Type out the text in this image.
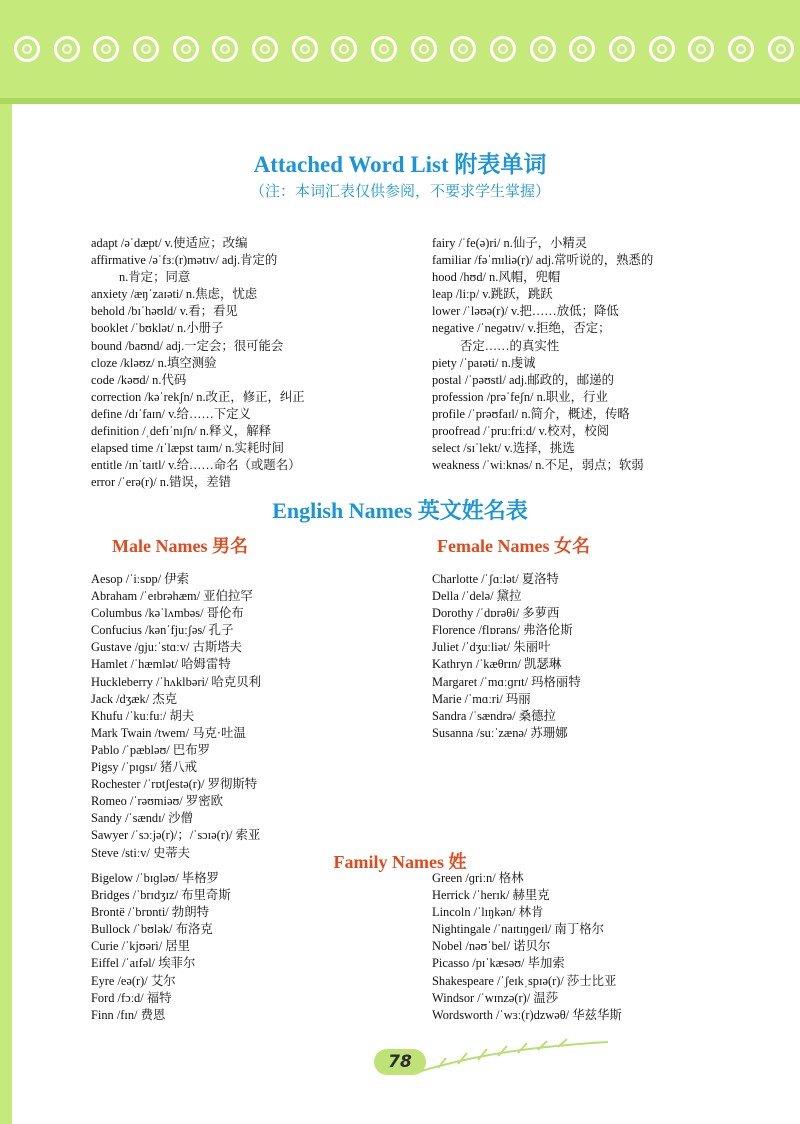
Attached Word List 附表单词
（注：本词汇表仅供参阅，不要求学生掌握）
adapt /əˈdæpt/ v.使适应；改编
affirmative /əˈfɜː(r)mətɪv/ adj.肯定的
n.肯定；同意
anxiety /æŋˈzaɪəti/ n.焦虑，忧虑
behold /bɪˈhəʊld/ v.看；看见
booklet /ˈbʊklət/ n.小册子
bound /baʊnd/ adj.一定会；很可能会
cloze /kləʊz/ n.填空测验
code /kəʊd/ n.代码
correction /kəˈrekʃn/ n.改正，修正，纠正
define /dɪˈfaɪn/ v.给……下定义
definition /ˌdefɪˈnɪʃn/ n.释义，解释
elapsed time /ɪˈlæpst taɪm/ n.实耗时间
entitle /ɪnˈtaɪtl/ v.给……命名（或题名）
error /ˈerə(r)/ n.错误，差错
fairy /ˈfe(ə)ri/ n.仙子，小精灵
familiar /fəˈmɪliə(r)/ adj.常听说的，熟悉的
hood /hʊd/ n.风帽，兜帽
leap /liːp/ v.跳跃，跳跃
lower /ˈləʊə(r)/ v.把……放低；降低
negative /ˈneɡətɪv/ v.拒绝，否定；
否定……的真实性
piety /ˈpaɪəti/ n.虔诚
postal /ˈpəʊstl/ adj.邮政的，邮递的
profession /prəˈfeʃn/ n.职业，行业
profile /ˈprəʊfaɪl/ n.简介，概述，传略
proofread /ˈpruːfriːd/ v.校对，校阅
select /sɪˈlekt/ v.选择，挑选
weakness /ˈwiːknəs/ n.不足，弱点；软弱
English Names 英文姓名表
Male Names 男名	Female Names 女名
Aesop /ˈiːsɒp/ 伊索
Abraham /ˈeɪbrəhæm/ 亚伯拉罕
Columbus /kəˈlʌmbəs/ 哥伦布
Confucius /kənˈfjuːʃəs/ 孔子
Gustave /ɡjuːˈstɑːv/ 古斯塔夫
Hamlet /ˈhæmlət/ 哈姆雷特
Huckleberry /ˈhʌklbəri/ 哈克贝利
Jack /dʒæk/ 杰克
Khufu /ˈkuːfuː/ 胡夫
Mark Twain /twem/ 马克·吐温
Pablo /ˈpæbləʊ/ 巴布罗
Pigsy /ˈpɪɡsɪ/ 猪八戒
Rochester /ˈrɒtʃestə(r)/ 罗彻斯特
Romeo /ˈrəʊmiəʊ/ 罗密欧
Sandy /ˈsændɪ/ 沙僧
Sawyer /ˈsɔːjə(r)/；/ˈsɔɪə(r)/ 索亚
Steve /stiːv/ 史蒂夫
Charlotte /ˈʃɑːlət/ 夏洛特
Della /ˈdelə/ 黛拉
Dorothy /ˈdɒrəθi/ 多萝西
Florence /flɒrəns/ 弗洛伦斯
Juliet /ˈdʒuːliət/ 朱丽叶
Kathryn /ˈkæθrɪn/ 凯瑟琳
Margaret /ˈmɑːɡrɪt/ 玛格丽特
Marie /ˈmɑːri/ 玛丽
Sandra /ˈsændrə/ 桑德拉
Susanna /suːˈzænə/ 苏珊娜
Family Names 姓
Bigelow /ˈbɪɡləʊ/ 毕格罗
Bridges /ˈbrɪdʒɪz/ 布里奇斯
Brontë /ˈbrɒnti/ 勃朗特
Bullock /ˈbʊlək/ 布洛克
Curie /ˈkjʊəri/ 居里
Eiffel /ˈaɪfəl/ 埃菲尔
Eyre /eə(r)/ 艾尔
Ford /fɔːd/ 福特
Finn /fɪn/ 费恩
Green /ɡriːn/ 格林
Herrick /ˈherɪk/ 赫里克
Lincoln /ˈlɪŋkən/ 林肯
Nightingale /ˈnaɪtɪŋɡeɪl/ 南丁格尔
Nobel /nəʊˈbel/ 诺贝尔
Picasso /pɪˈkæsəʊ/ 毕加索
Shakespeare /ˈʃeɪkˌspɪə(r)/ 莎士比亚
Windsor /ˈwɪnzə(r)/ 温莎
Wordsworth /ˈwɜː(r)dzwəθ/ 华兹华斯
78
